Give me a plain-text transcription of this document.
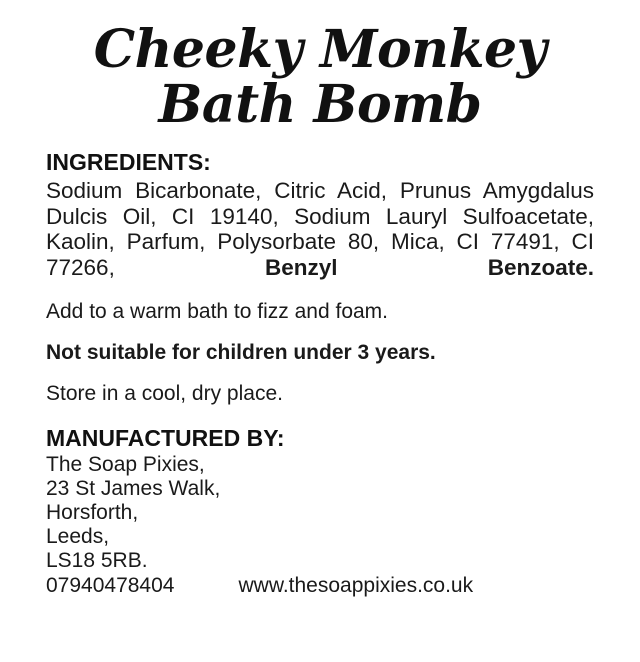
Cheeky Monkey
Bath Bomb
INGREDIENTS:
Sodium Bicarbonate, Citric Acid, Prunus Amygdalus Dulcis Oil, CI 19140, Sodium Lauryl Sulfoacetate, Kaolin, Parfum, Polysorbate 80, Mica, CI 77491, CI 77266,	Benzyl Benzoate.
Add to a warm bath to fizz and foam.
Not suitable for children under 3 years.
Store in a cool, dry place.
MANUFACTURED BY:
The Soap Pixies,
23 St James Walk,
Horsforth,
Leeds,
LS18 5RB.
07940478404	www.thesoappixies.co.uk
